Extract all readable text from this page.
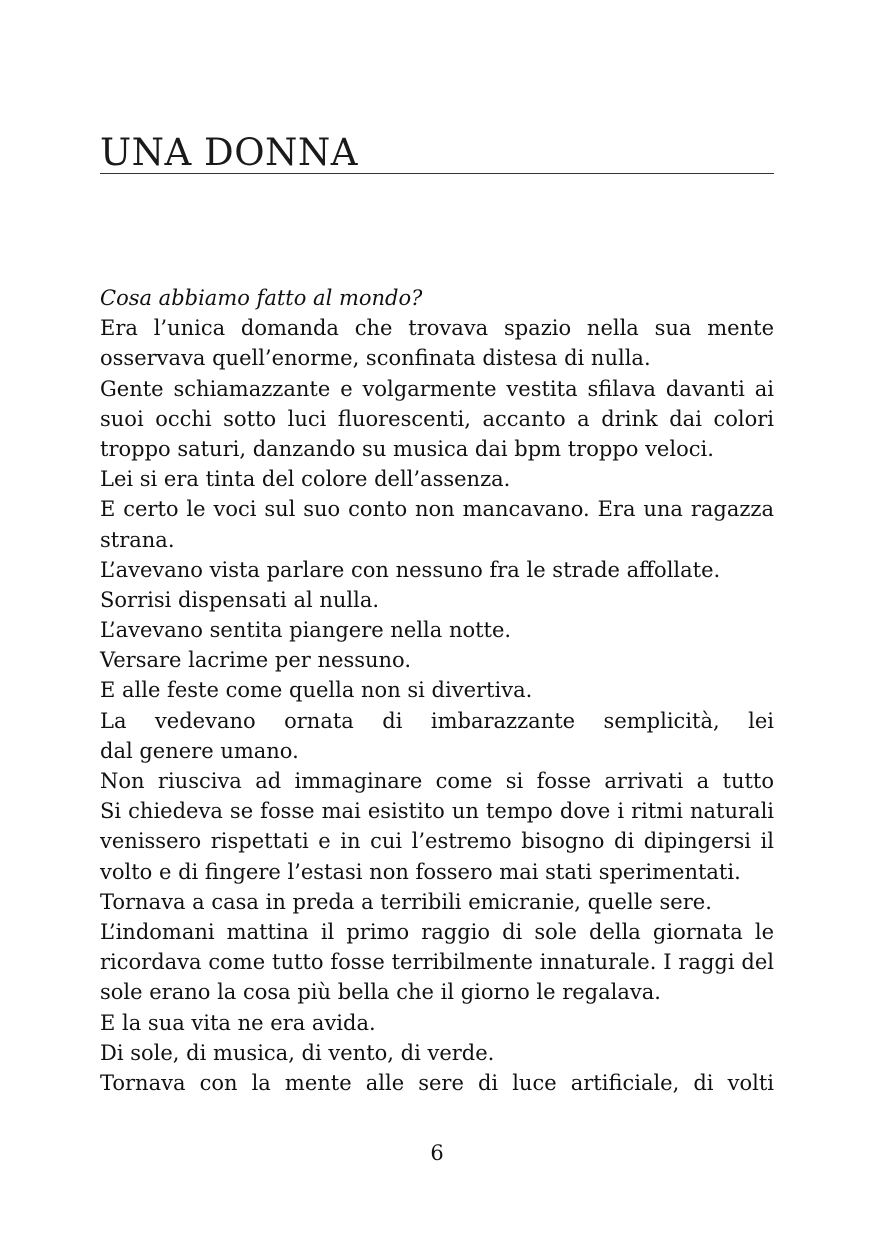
UNA DONNA
Cosa abbiamo fatto al mondo?
Era l’unica domanda che trovava spazio nella sua mente
osservava quell’enorme, sconfinata distesa di nulla.
Gente schiamazzante e volgarmente vestita sfilava davanti ai
suoi occhi sotto luci fluorescenti, accanto a drink dai colori
troppo saturi, danzando su musica dai bpm troppo veloci.
Lei si era tinta del colore dell’assenza.
E certo le voci sul suo conto non mancavano. Era una ragazza
strana.
L’avevano vista parlare con nessuno fra le strade affollate.
Sorrisi dispensati al nulla.
L’avevano sentita piangere nella notte.
Versare lacrime per nessuno.
E alle feste come quella non si divertiva.
La vedevano ornata di imbarazzante semplicità, lei
dal genere umano.
Non riusciva ad immaginare come si fosse arrivati a tutto
Si chiedeva se fosse mai esistito un tempo dove i ritmi naturali
venissero rispettati e in cui l’estremo bisogno di dipingersi il
volto e di fingere l’estasi non fossero mai stati sperimentati.
Tornava a casa in preda a terribili emicranie, quelle sere.
L’indomani mattina il primo raggio di sole della giornata le
ricordava come tutto fosse terribilmente innaturale. I raggi del
sole erano la cosa più bella che il giorno le regalava.
E la sua vita ne era avida.
Di sole, di musica, di vento, di verde.
Tornava con la mente alle sere di luce artificiale, di volti
6
